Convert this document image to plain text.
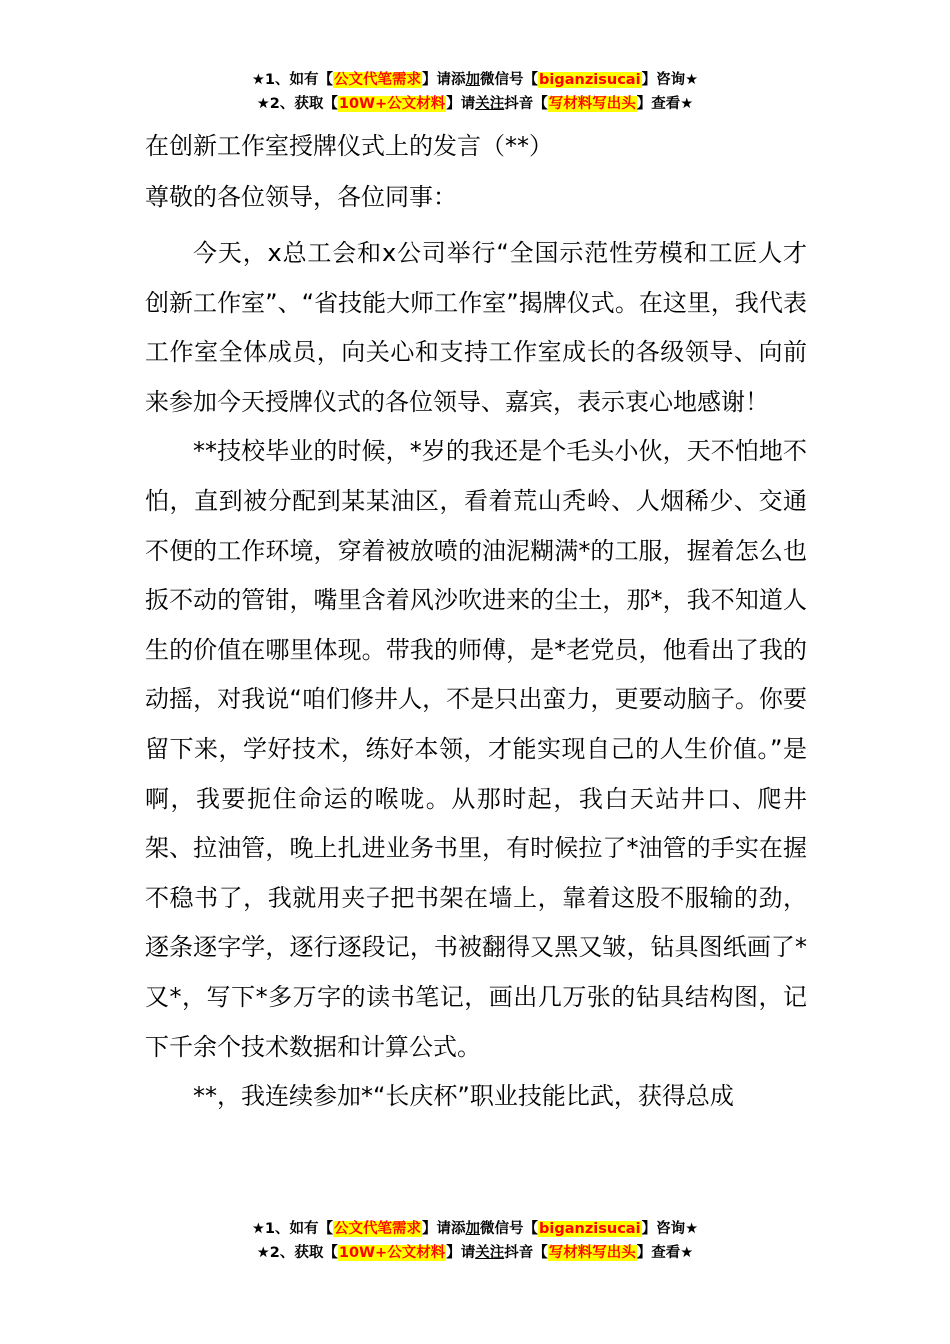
★1、如有【公文代笔需求】请添加微信号【biganzisucai】咨询★
★2、获取【10W+公文材料】请关注抖音【写材料写出头】查看★

在创新工作室授牌仪式上的发言（**）

尊敬的各位领导，各位同事：

今天，x总工会和x公司举行“全国示范性劳模和工匠人才创新工作室”、“省技能大师工作室”揭牌仪式。在这里，我代表工作室全体成员，向关心和支持工作室成长的各级领导、向前来参加今天授牌仪式的各位领导、嘉宾，表示衷心地感谢！

**技校毕业的时候，*岁的我还是个毛头小伙，天不怕地不怕，直到被分配到某某油区，看着荒山秃岭、人烟稀少、交通不便的工作环境，穿着被放喷的油泥糊满*的工服，握着怎么也扳不动的管钳，嘴里含着风沙吹进来的尘土，那*，我不知道人生的价值在哪里体现。带我的师傅，是*老党员，他看出了我的动摇，对我说“咱们修井人，不是只出蛮力，更要动脑子。你要留下来，学好技术，练好本领，才能实现自己的人生价值。”是啊，我要扼住命运的喉咙。从那时起，我白天站井口、爬井架、拉油管，晚上扎进业务书里，有时候拉了*油管的手实在握不稳书了，我就用夹子把书架在墙上，靠着这股不服输的劲，逐条逐字学，逐行逐段记，书被翻得又黑又皱，钻具图纸画了*又*，写下*多万字的读书笔记，画出几万张的钻具结构图，记下千余个技术数据和计算公式。

**，我连续参加*“长庆杯”职业技能比武，获得总成

★1、如有【公文代笔需求】请添加微信号【biganzisucai】咨询★
★2、获取【10W+公文材料】请关注抖音【写材料写出头】查看★
